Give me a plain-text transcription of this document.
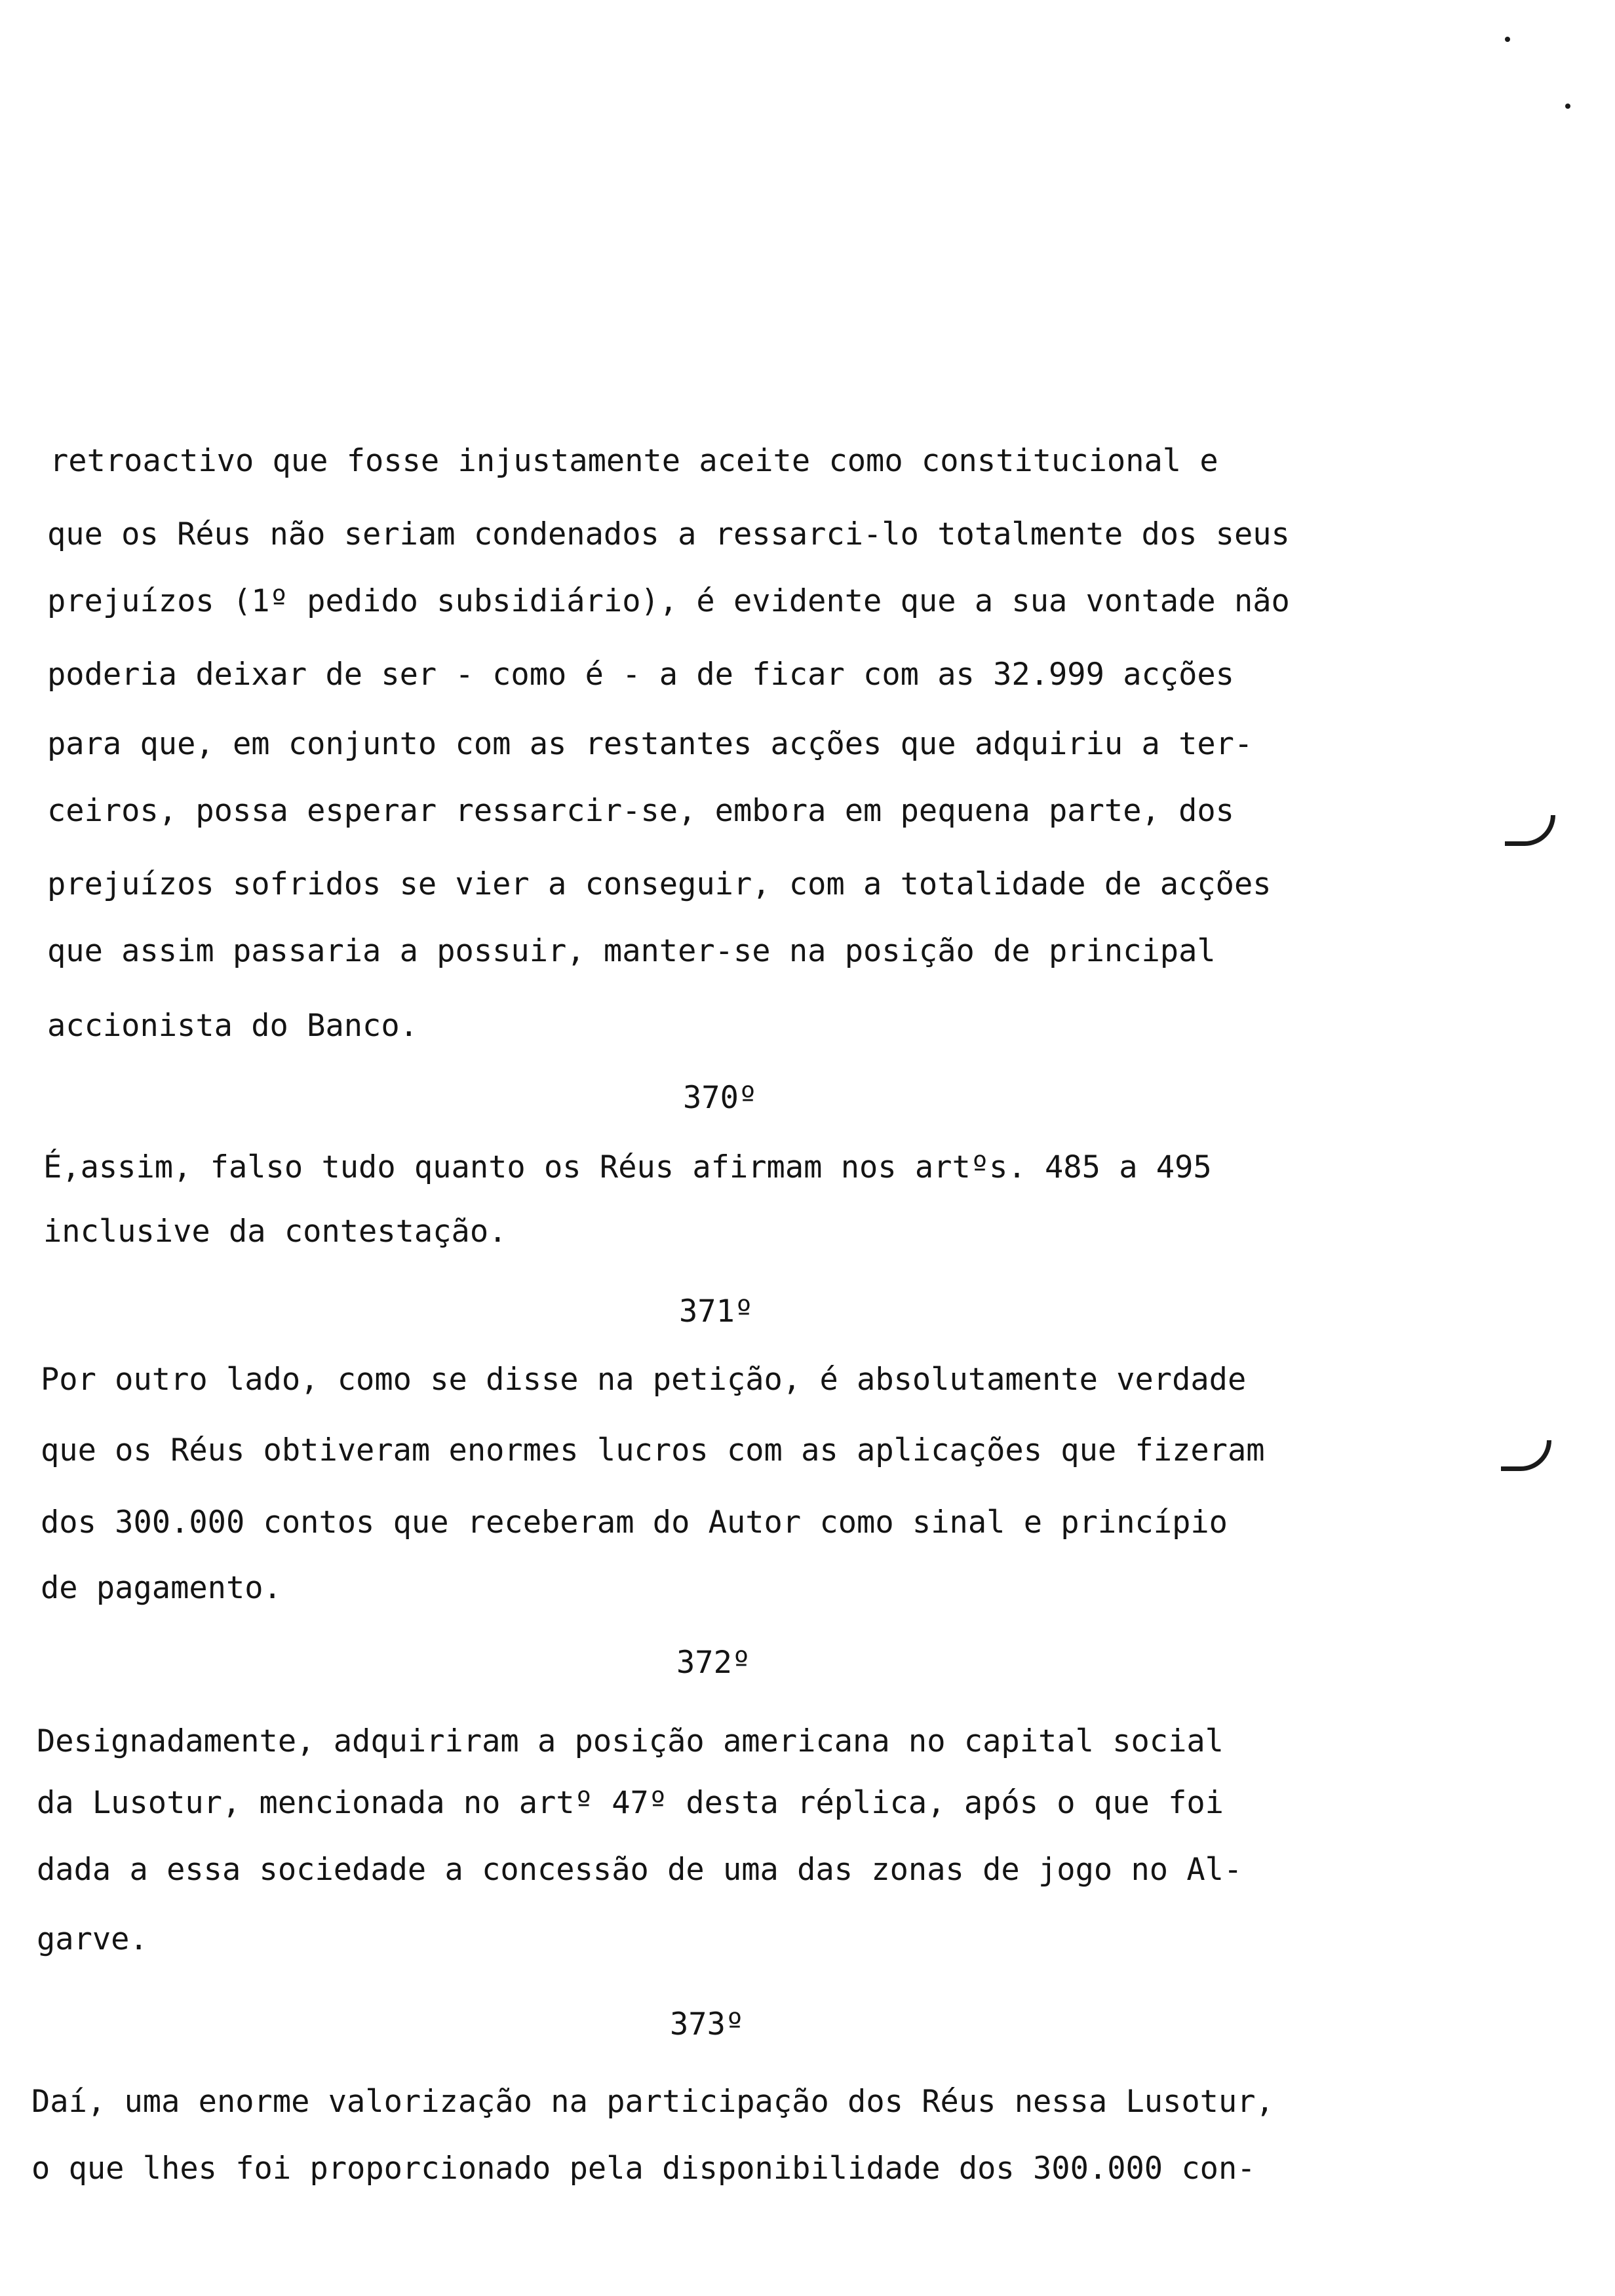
retroactivo que fosse injustamente aceite como constitucional e
que os Réus não seriam condenados a ressarci-lo totalmente dos seus
prejuízos (1º pedido subsidiário), é evidente que a sua vontade não
poderia deixar de ser - como é - a de ficar com as 32.999 acções
para que, em conjunto com as restantes acções que adquiriu a ter-
ceiros, possa esperar ressarcir-se, embora em pequena parte, dos
prejuízos sofridos se vier a conseguir, com a totalidade de acções
que assim passaria a possuir, manter-se na posição de principal
accionista do Banco.
370º
É,assim, falso tudo quanto os Réus afirmam nos artºs. 485 a 495
inclusive da contestação.
371º
Por outro lado, como se disse na petição, é absolutamente verdade
que os Réus obtiveram enormes lucros com as aplicações que fizeram
dos 300.000 contos que receberam do Autor como sinal e princípio
de pagamento.
372º
Designadamente, adquiriram a posição americana no capital social
da Lusotur, mencionada no artº 47º desta réplica, após o que foi
dada a essa sociedade a concessão de uma das zonas de jogo no Al-
garve.
373º
Daí, uma enorme valorização na participação dos Réus nessa Lusotur,
o que lhes foi proporcionado pela disponibilidade dos 300.000 con-
